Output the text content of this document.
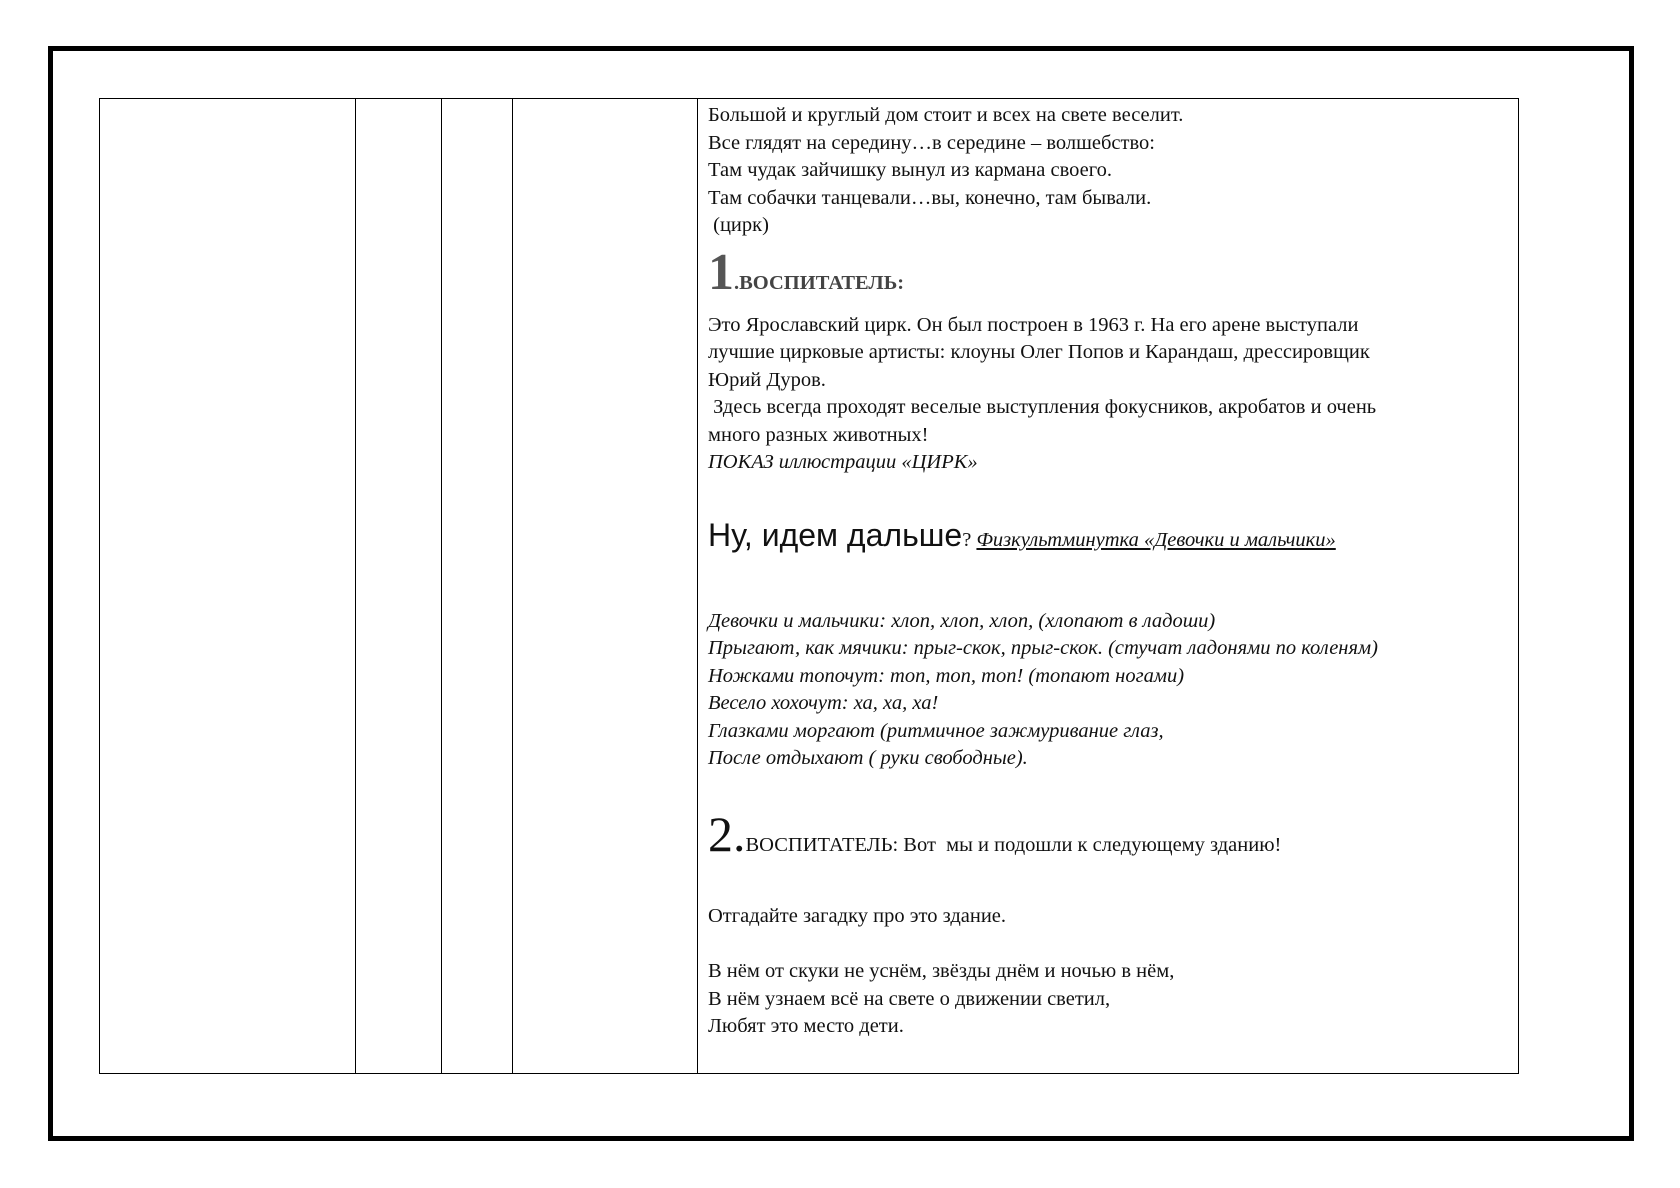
Большой и круглый дом стоит и всех на свете веселит.
Все глядят на середину…в середине – волшебство:
Там чудак зайчишку вынул из кармана своего.
Там собачки танцевали…вы, конечно, там бывали.
(цирк)
1.ВОСПИТАТЕЛЬ:
Это Ярославский цирк. Он был построен в 1963 г. На его арене выступали
лучшие цирковые артисты: клоуны Олег Попов и Карандаш, дрессировщик
Юрий Дуров.
Здесь всегда проходят веселые выступления фокусников, акробатов и очень
много разных животных!
ПОКАЗ иллюстрации «ЦИРК»
Ну, идем дальше? Физкультминутка «Девочки и мальчики»
Девочки и мальчики: хлоп, хлоп, хлоп, (хлопают в ладоши)
Прыгают, как мячики: прыг-скок, прыг-скок. (стучат ладонями по коленям)
Ножками топочут: топ, топ, топ! (топают ногами)
Весело хохочут: ха, ха, ха!
Глазками моргают (ритмичное зажмуривание глаз,
После отдыхают ( руки свободные).
2.ВОСПИТАТЕЛЬ: Вот  мы и подошли к следующему зданию!
Отгадайте загадку про это здание.
В нём от скуки не уснём, звёзды днём и ночью в нём,
В нём узнаем всё на свете о движении светил,
Любят это место дети.
